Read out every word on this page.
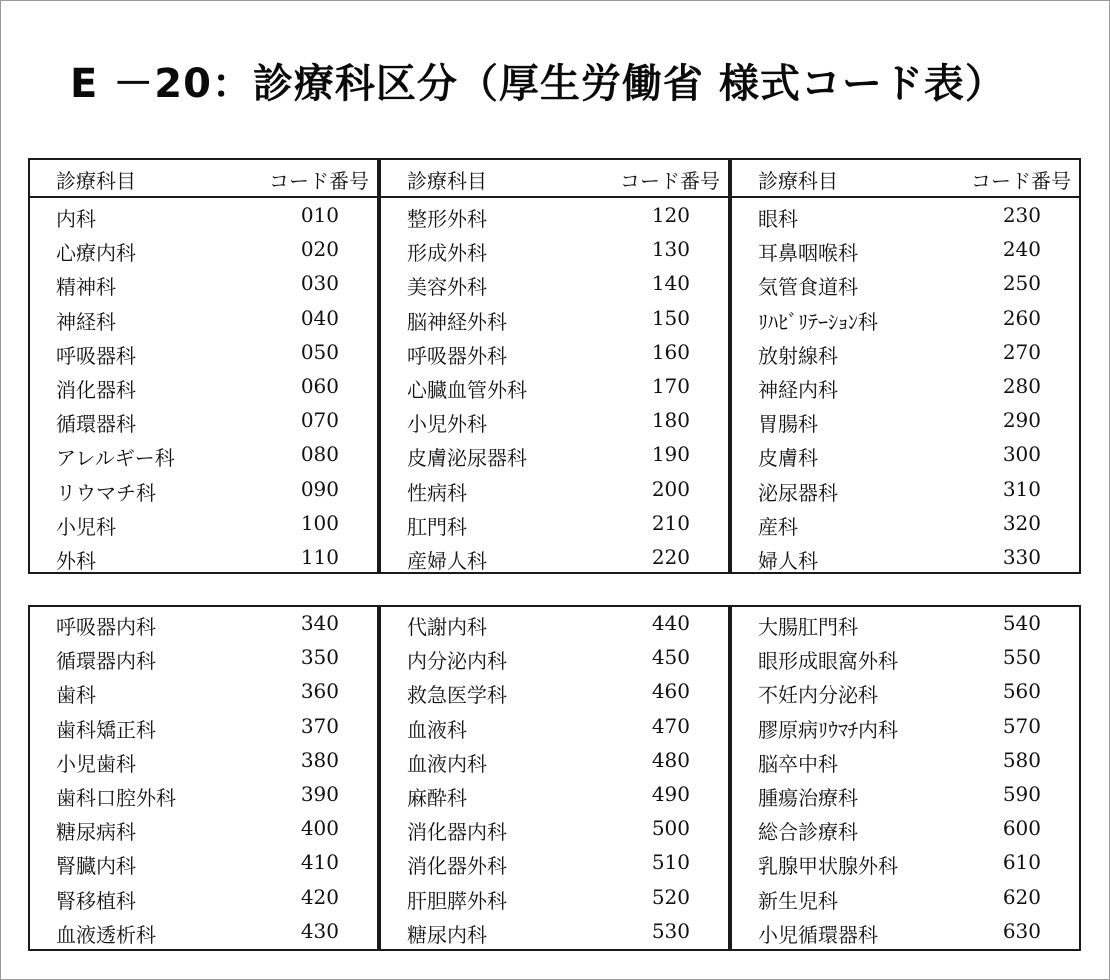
E －20：診療科区分（厚生労働省 様式コード表）
診療科目	コード番号
内科	010
心療内科	020
精神科	030
神経科	040
呼吸器科	050
消化器科	060
循環器科	070
アレルギー科	080
リウマチ科	090
小児科	100
外科	110
診療科目	コード番号
整形外科	120
形成外科	130
美容外科	140
脳神経外科	150
呼吸器外科	160
心臓血管外科	170
小児外科	180
皮膚泌尿器科	190
性病科	200
肛門科	210
産婦人科	220
診療科目	コード番号
眼科	230
耳鼻咽喉科	240
気管食道科	250
ﾘﾊﾋﾞﾘﾃｰｼｮﾝ科	260
放射線科	270
神経内科	280
胃腸科	290
皮膚科	300
泌尿器科	310
産科	320
婦人科	330
呼吸器内科	340
循環器内科	350
歯科	360
歯科矯正科	370
小児歯科	380
歯科口腔外科	390
糖尿病科	400
腎臓内科	410
腎移植科	420
血液透析科	430
代謝内科	440
内分泌内科	450
救急医学科	460
血液科	470
血液内科	480
麻酔科	490
消化器内科	500
消化器外科	510
肝胆膵外科	520
糖尿内科	530
大腸肛門科	540
眼形成眼窩外科	550
不妊内分泌科	560
膠原病ﾘｳﾏﾁ内科	570
脳卒中科	580
腫瘍治療科	590
総合診療科	600
乳腺甲状腺外科	610
新生児科	620
小児循環器科	630
